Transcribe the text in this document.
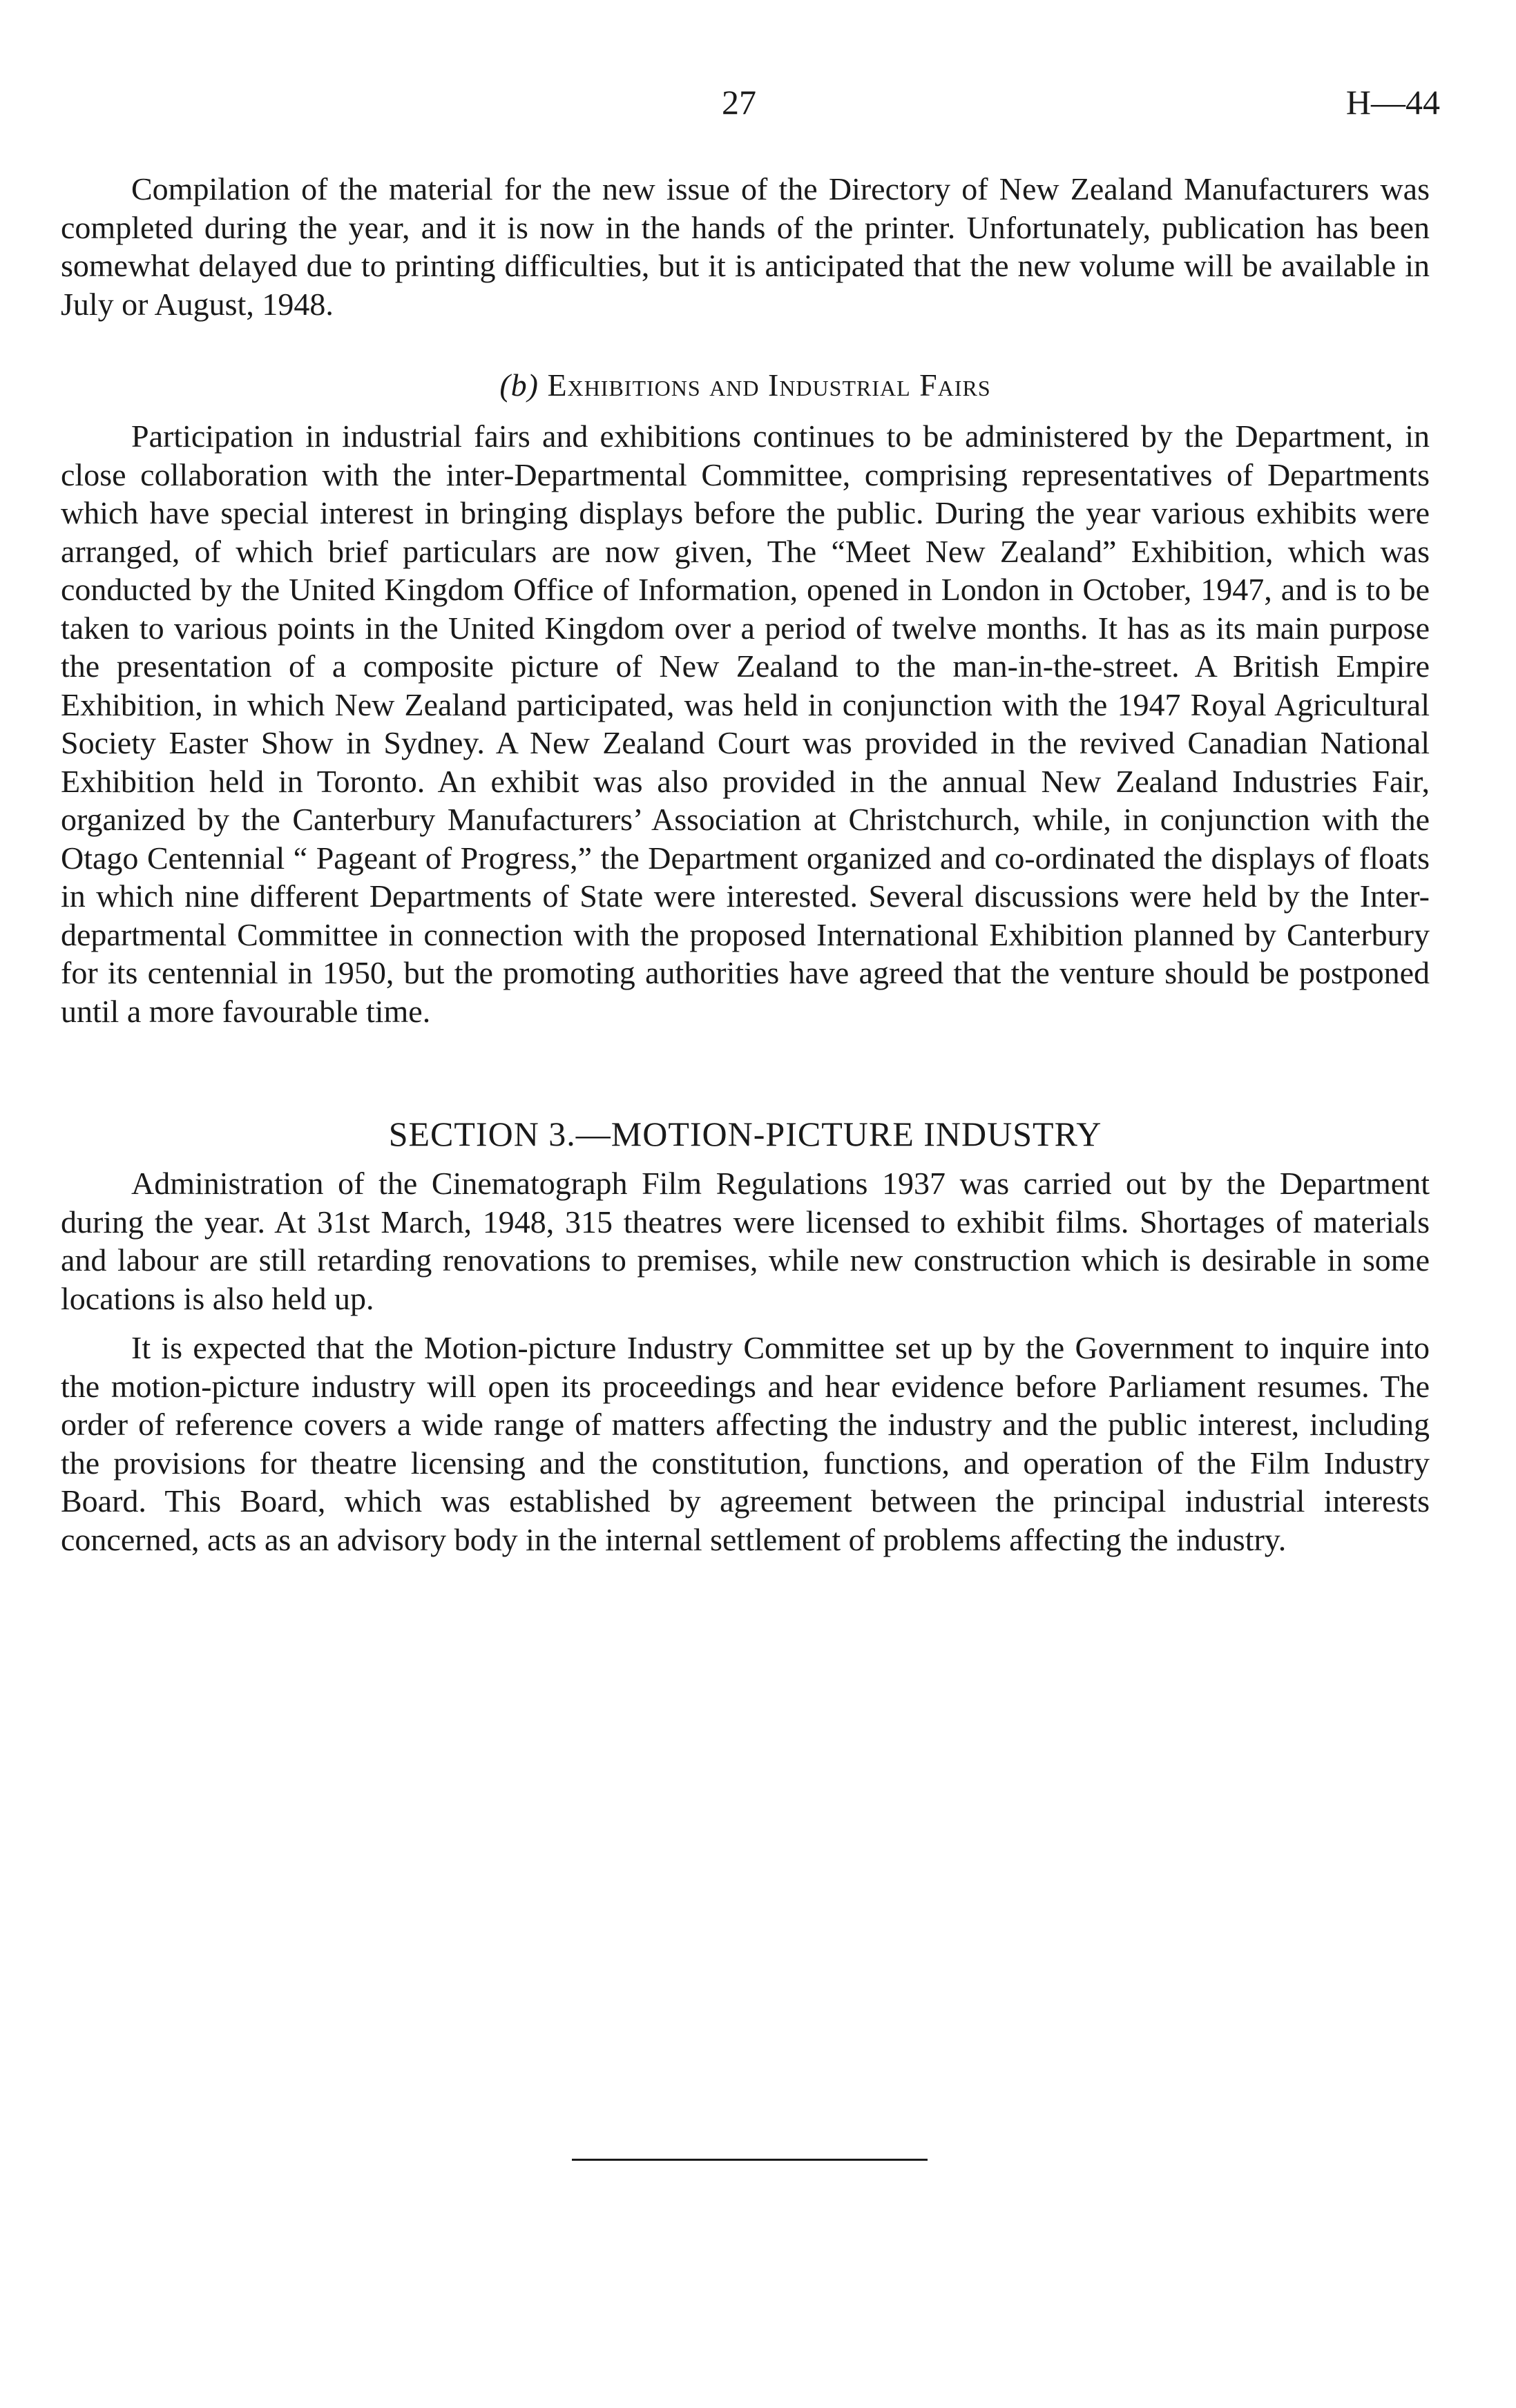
27	H—44

Compilation of the material for the new issue of the Directory of New Zealand Manufacturers was completed during the year, and it is now in the hands of the printer. Unfortunately, publication has been somewhat delayed due to printing difficulties, but it is anticipated that the new volume will be available in July or August, 1948.

(b) Exhibitions and Industrial Fairs

Participation in industrial fairs and exhibitions continues to be administered by the Department, in close collaboration with the inter-Departmental Committee, comprising representatives of Departments which have special interest in bringing displays before the public. During the year various exhibits were arranged, of which brief particulars are now given, The “Meet New Zealand” Exhibition, which was conducted by the United Kingdom Office of Information, opened in London in October, 1947, and is to be taken to various points in the United Kingdom over a period of twelve months. It has as its main purpose the presentation of a composite picture of New Zealand to the man-in-the-street. A British Empire Exhibition, in which New Zealand participated, was held in conjunction with the 1947 Royal Agricultural Society Easter Show in Sydney. A New Zealand Court was provided in the revived Canadian National Exhibition held in Toronto. An exhibit was also provided in the annual New Zealand Industries Fair, organized by the Canterbury Manufacturers’ Association at Christchurch, while, in conjunction with the Otago Centennial “ Pageant of Progress,” the Department organized and co-ordinated the displays of floats in which nine different Departments of State were interested. Several discussions were held by the Inter-departmental Committee in connection with the proposed International Exhibition planned by Canterbury for its centennial in 1950, but the promoting authorities have agreed that the venture should be postponed until a more favourable time.

SECTION 3.—MOTION-PICTURE INDUSTRY

Administration of the Cinematograph Film Regulations 1937 was carried out by the Department during the year. At 31st March, 1948, 315 theatres were licensed to exhibit films. Shortages of materials and labour are still retarding renovations to premises, while new construction which is desirable in some locations is also held up.

It is expected that the Motion-picture Industry Committee set up by the Government to inquire into the motion-picture industry will open its proceedings and hear evidence before Parliament resumes. The order of reference covers a wide range of matters affecting the industry and the public interest, including the provisions for theatre licensing and the constitution, functions, and operation of the Film Industry Board. This Board, which was established by agreement between the principal industrial interests concerned, acts as an advisory body in the internal settlement of problems affecting the industry.
